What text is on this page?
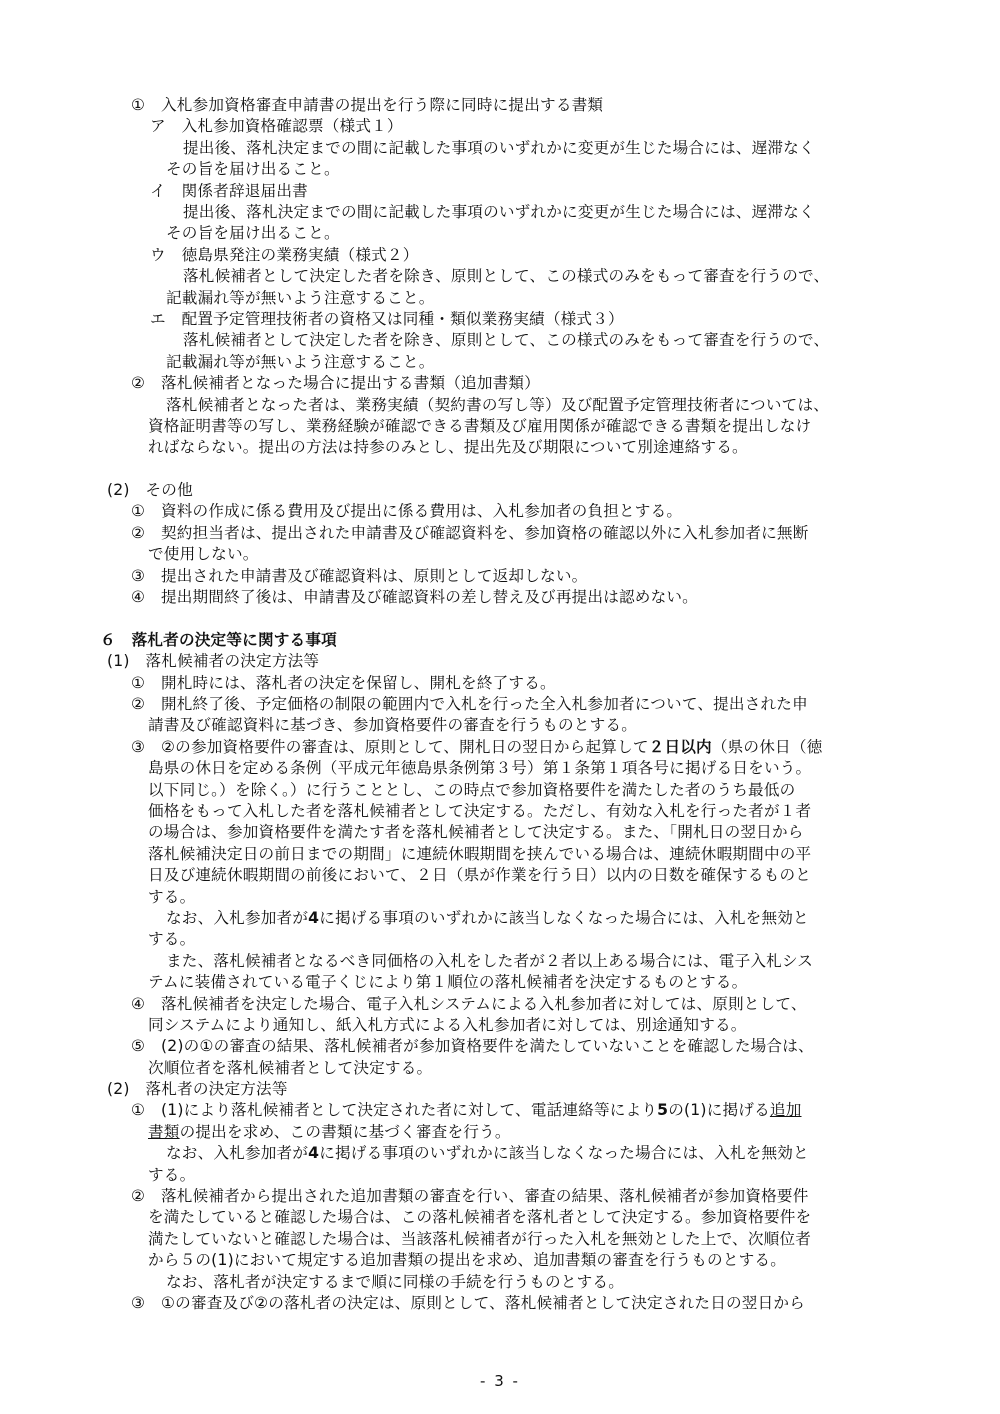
①　入札参加資格審査申請書の提出を行う際に同時に提出する書類
ア　入札参加資格確認票（様式１）
提出後、落札決定までの間に記載した事項のいずれかに変更が生じた場合には、遅滞なく
その旨を届け出ること。
イ　関係者辞退届出書
提出後、落札決定までの間に記載した事項のいずれかに変更が生じた場合には、遅滞なく
その旨を届け出ること。
ウ　徳島県発注の業務実績（様式２）
落札候補者として決定した者を除き、原則として、この様式のみをもって審査を行うので、
記載漏れ等が無いよう注意すること。
エ　配置予定管理技術者の資格又は同種・類似業務実績（様式３）
落札候補者として決定した者を除き、原則として、この様式のみをもって審査を行うので、
記載漏れ等が無いよう注意すること。
②　落札候補者となった場合に提出する書類（追加書類）
落札候補者となった者は、業務実績（契約書の写し等）及び配置予定管理技術者については、
資格証明書等の写し、業務経験が確認できる書類及び雇用関係が確認できる書類を提出しなけ
ればならない。提出の方法は持参のみとし、提出先及び期限について別途連絡する。
(2)　その他
①　資料の作成に係る費用及び提出に係る費用は、入札参加者の負担とする。
②　契約担当者は、提出された申請書及び確認資料を、参加資格の確認以外に入札参加者に無断
で使用しない。
③　提出された申請書及び確認資料は、原則として返却しない。
④　提出期間終了後は、申請書及び確認資料の差し替え及び再提出は認めない。
６　落札者の決定等に関する事項
(1)　落札候補者の決定方法等
①　開札時には、落札者の決定を保留し、開札を終了する。
②　開札終了後、予定価格の制限の範囲内で入札を行った全入札参加者について、提出された申
請書及び確認資料に基づき、参加資格要件の審査を行うものとする。
③　②の参加資格要件の審査は、原則として、開札日の翌日から起算して２日以内（県の休日（徳
島県の休日を定める条例（平成元年徳島県条例第３号）第１条第１項各号に掲げる日をいう。
以下同じ。）を除く。）に行うこととし、この時点で参加資格要件を満たした者のうち最低の
価格をもって入札した者を落札候補者として決定する。ただし、有効な入札を行った者が１者
の場合は、参加資格要件を満たす者を落札候補者として決定する。また、「開札日の翌日から
落札候補決定日の前日までの期間」に連続休暇期間を挟んでいる場合は、連続休暇期間中の平
日及び連続休暇期間の前後において、２日（県が作業を行う日）以内の日数を確保するものと
する。
なお、入札参加者が4に掲げる事項のいずれかに該当しなくなった場合には、入札を無効と
する。
また、落札候補者となるべき同価格の入札をした者が２者以上ある場合には、電子入札シス
テムに装備されている電子くじにより第１順位の落札候補者を決定するものとする。
④　落札候補者を決定した場合、電子入札システムによる入札参加者に対しては、原則として、
同システムにより通知し、紙入札方式による入札参加者に対しては、別途通知する。
⑤　(2)の①の審査の結果、落札候補者が参加資格要件を満たしていないことを確認した場合は、
次順位者を落札候補者として決定する。
(2)　落札者の決定方法等
①　(1)により落札候補者として決定された者に対して、電話連絡等により5の(1)に掲げる追加
書類の提出を求め、この書類に基づく審査を行う。
なお、入札参加者が4に掲げる事項のいずれかに該当しなくなった場合には、入札を無効と
する。
②　落札候補者から提出された追加書類の審査を行い、審査の結果、落札候補者が参加資格要件
を満たしていると確認した場合は、この落札候補者を落札者として決定する。参加資格要件を
満たしていないと確認した場合は、当該落札候補者が行った入札を無効とした上で、次順位者
から５の(1)において規定する追加書類の提出を求め、追加書類の審査を行うものとする。
なお、落札者が決定するまで順に同様の手続を行うものとする。
③　①の審査及び②の落札者の決定は、原則として、落札候補者として決定された日の翌日から
- 3 -
